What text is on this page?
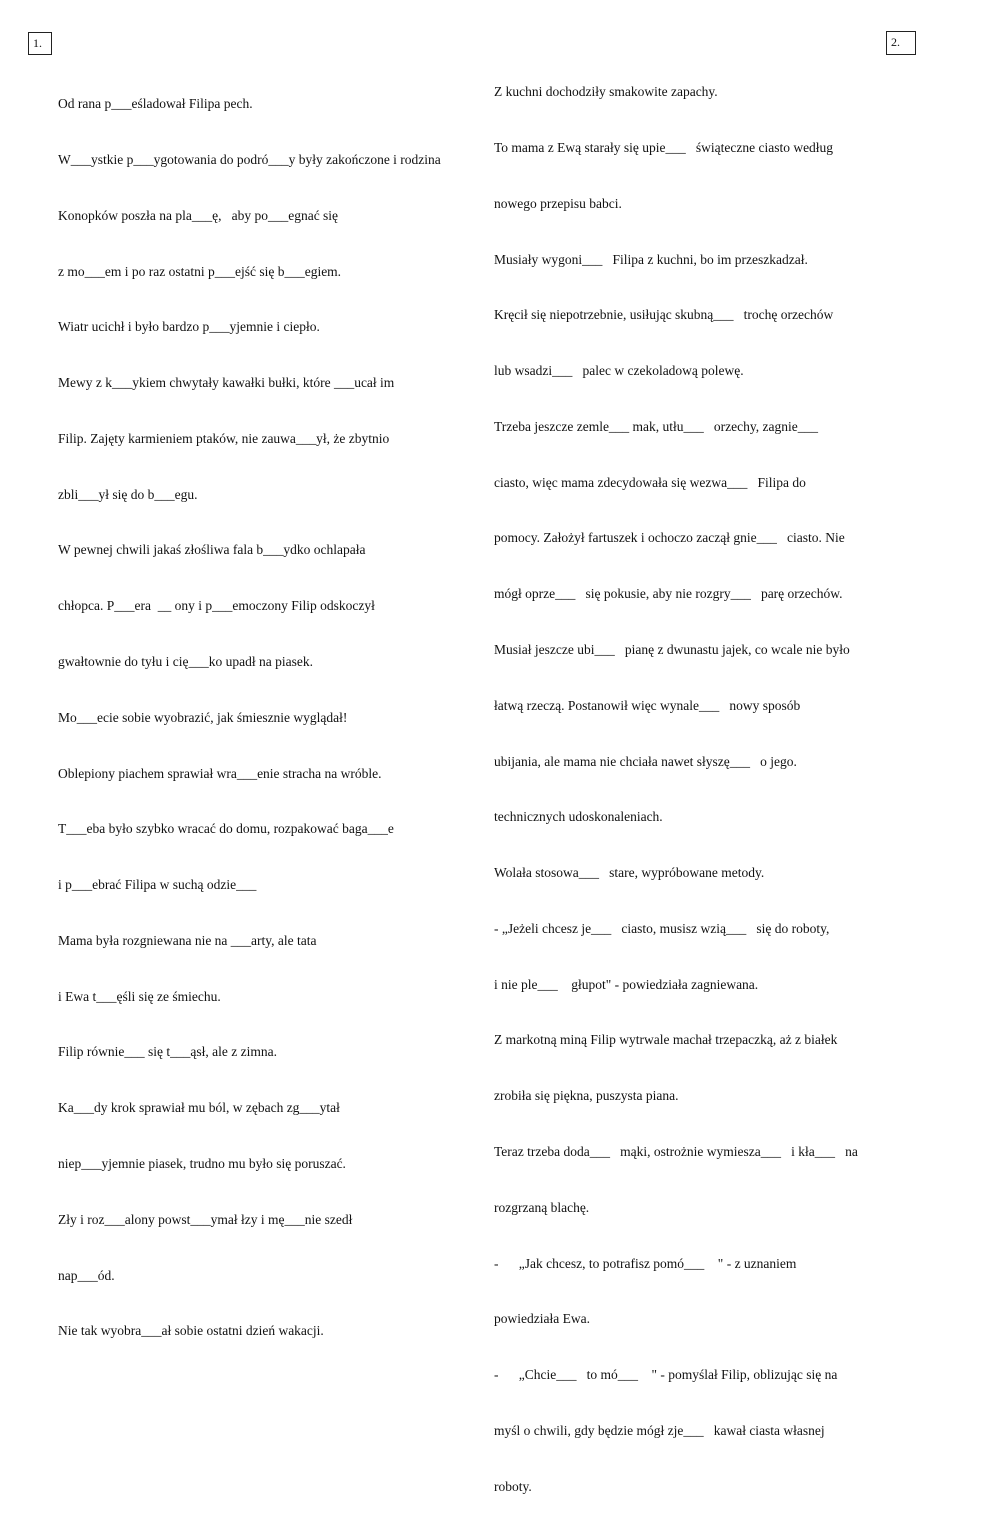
1.	2.

Od rana p___eśladował Filipa pech.

W___ystkie p___ygotowania do podró___y były zakończone i rodzina

Konopków poszła na pla___ę,   aby po___egnać się

z mo___em i po raz ostatni p___ejść się b___egiem.

Wiatr ucichł i było bardzo p___yjemnie i ciepło.

Mewy z k___ykiem chwytały kawałki bułki, które ___ucał im

Filip. Zajęty karmieniem ptaków, nie zauwa___ył, że zbytnio

zbli___ył się do b___egu.

W pewnej chwili jakaś złośliwa fala b___ydko ochlapała

chłopca. P___era  __ ony i p___emoczony Filip odskoczył

gwałtownie do tyłu i cię___ko upadł na piasek.

Mo___ecie sobie wyobrazić, jak śmiesznie wyglądał!

Oblepiony piachem sprawiał wra___enie stracha na wróble.

T___eba było szybko wracać do domu, rozpakować baga___e

i p___ebrać Filipa w suchą odzie___

Mama była rozgniewana nie na ___arty, ale tata

i Ewa t___ęśli się ze śmiechu.

Filip równie___ się t___ąsł, ale z zimna.

Ka___dy krok sprawiał mu ból, w zębach zg___ytał

niep___yjemnie piasek, trudno mu było się poruszać.

Zły i roz___alony powst___ymał łzy i mę___nie szedł

nap___ód.

Nie tak wyobra___ał sobie ostatni dzień wakacji.

Z kuchni dochodziły smakowite zapachy.

To mama z Ewą starały się upie___   świąteczne ciasto według

nowego przepisu babci.

Musiały wygoni___   Filipa z kuchni, bo im przeszkadzał.

Kręcił się niepotrzebnie, usiłując skubną___   trochę orzechów

lub wsadzi___   palec w czekoladową polewę.

Trzeba jeszcze zemle___ mak, utłu___   orzechy, zagnie___

ciasto, więc mama zdecydowała się wezwa___   Filipa do

pomocy. Założył fartuszek i ochoczo zaczął gnie___   ciasto. Nie

mógł oprze___   się pokusie, aby nie rozgry___   parę orzechów.

Musiał jeszcze ubi___   pianę z dwunastu jajek, co wcale nie było

łatwą rzeczą. Postanowił więc wynale___   nowy sposób

ubijania, ale mama nie chciała nawet słyszę___   o jego.

technicznych udoskonaleniach.

Wolała stosowa___   stare, wypróbowane metody.

- „Jeżeli chcesz je___   ciasto, musisz wzią___   się do roboty,

i nie ple___    głupot" - powiedziała zagniewana.

Z markotną miną Filip wytrwale machał trzepaczką, aż z białek

zrobiła się piękna, puszysta piana.

Teraz trzeba doda___   mąki, ostrożnie wymiesza___   i kła___   na

rozgrzaną blachę.

-      „Jak chcesz, to potrafisz pomó___    " - z uznaniem

powiedziała Ewa.

-      „Chcie___   to mó___    " - pomyślał Filip, oblizując się na

myśl o chwili, gdy będzie mógł zje___   kawał ciasta własnej

roboty.
